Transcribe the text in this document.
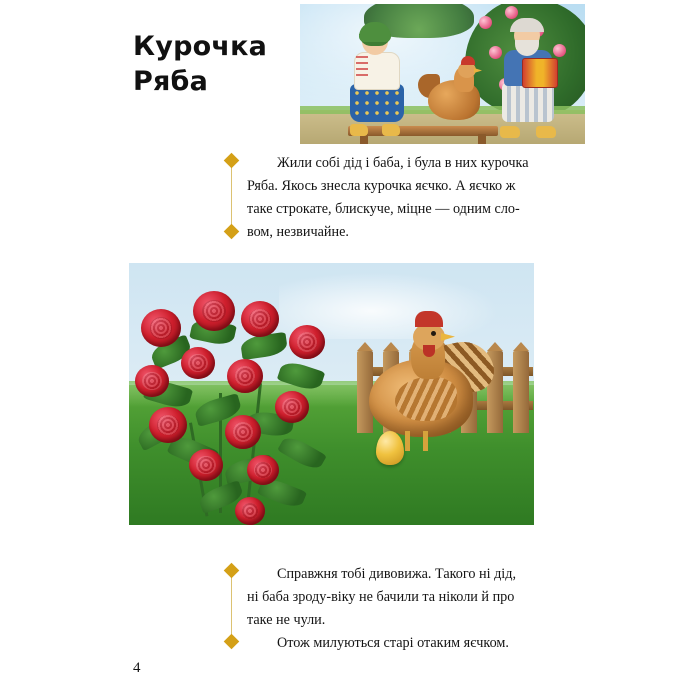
Курочка
Ряба

Жили собі дід і баба, і була в них курочка

Ряба. Якось знесла курочка яєчко. А яєчко ж

таке строкате, блискуче, міцне — одним сло-

вом, незвичайне.

Справжня тобі дивовижа. Такого ні дід,

ні баба зроду-віку не бачили та ніколи й про

таке не чули.

Отож милуються старі отаким яєчком.

4
